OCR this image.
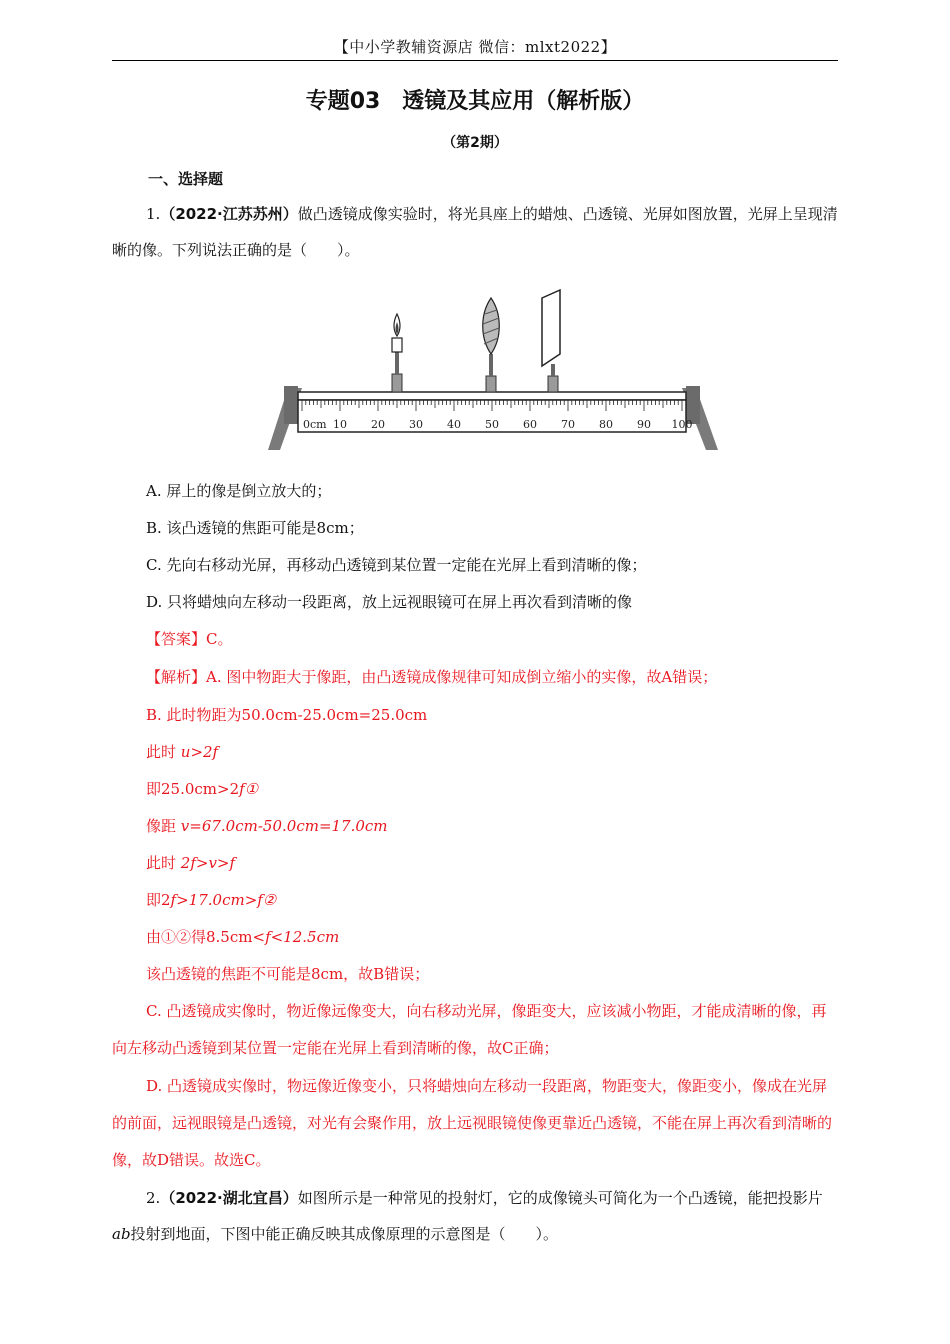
【中小学教辅资源店 微信：mlxt2022】
专题03　透镜及其应用（解析版）
（第2期）
一、选择题
1.（2022·江苏苏州）做凸透镜成像实验时，将光具座上的蜡烛、凸透镜、光屏如图放置，光屏上呈现清晰的像。下列说法正确的是（　　）。
0cm 10 20 30 40 50 60 70 80 90 100
A. 屏上的像是倒立放大的；
B. 该凸透镜的焦距可能是8cm；
C. 先向右移动光屏，再移动凸透镜到某位置一定能在光屏上看到清晰的像；
D. 只将蜡烛向左移动一段距离，放上远视眼镜可在屏上再次看到清晰的像
【答案】C。
【解析】A. 图中物距大于像距，由凸透镜成像规律可知成倒立缩小的实像，故A错误；
B. 此时物距为50.0cm-25.0cm=25.0cm
此时 u>2f
即25.0cm>2f①
像距 v=67.0cm-50.0cm=17.0cm
此时 2f>v>f
即2f>17.0cm>f②
由①②得8.5cm<f<12.5cm
该凸透镜的焦距不可能是8cm，故B错误；
C. 凸透镜成实像时，物近像远像变大，向右移动光屏，像距变大，应该减小物距，才能成清晰的像，再向左移动凸透镜到某位置一定能在光屏上看到清晰的像，故C正确；
D. 凸透镜成实像时，物远像近像变小，只将蜡烛向左移动一段距离，物距变大，像距变小，像成在光屏的前面，远视眼镜是凸透镜，对光有会聚作用，放上远视眼镜使像更靠近凸透镜，不能在屏上再次看到清晰的像，故D错误。故选C。
2.（2022·湖北宜昌）如图所示是一种常见的投射灯，它的成像镜头可简化为一个凸透镜，能把投影片ab投射到地面，下图中能正确反映其成像原理的示意图是（　　）。
